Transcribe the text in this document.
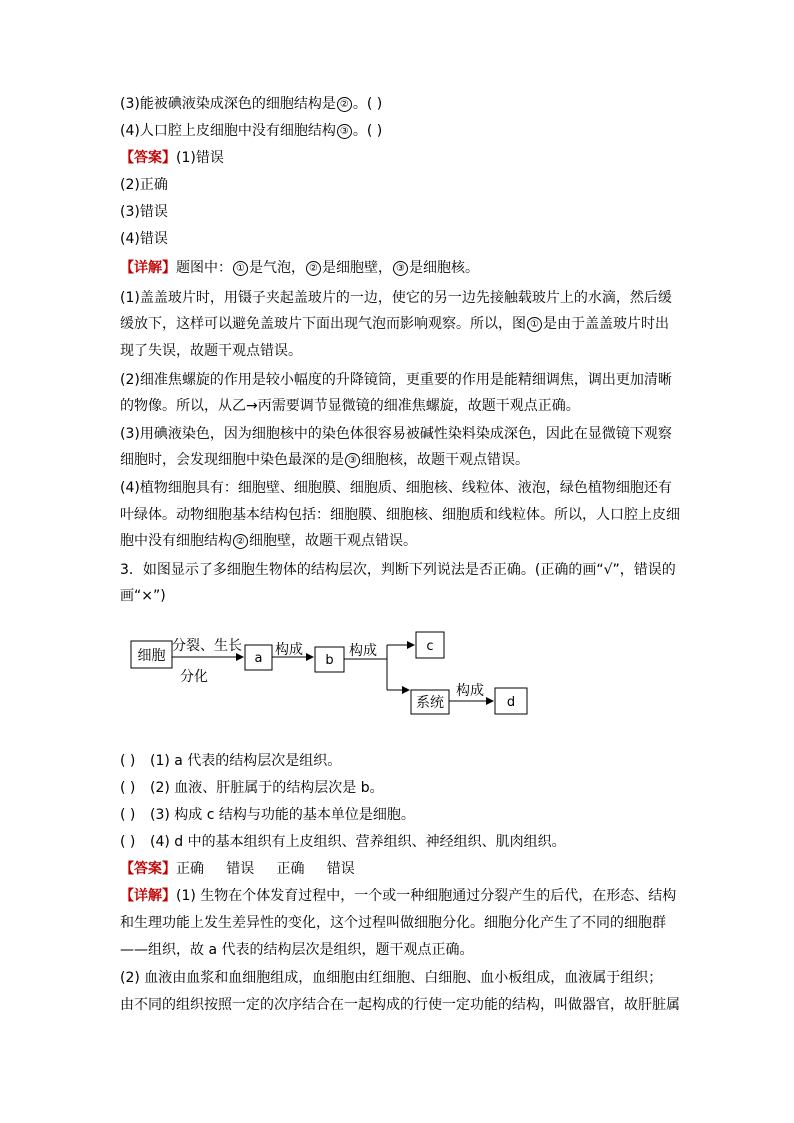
(3)能被碘液染成深色的细胞结构是 ② 。( )
(4)人口腔上皮细胞中没有细胞结构 ③ 。( )
【答案】(1)错误
(2)正确
(3)错误
(4)错误
【详解】题图中： ① 是气泡， ② 是细胞壁， ③ 是细胞核。
(1)盖盖玻片时，用镊子夹起盖玻片的一边，使它的另一边先接触载玻片上的水滴，然后缓
缓放下，这样可以避免盖玻片下面出现气泡而影响观察。所以，图 ① 是由于盖盖玻片时出
现了失误，故题干观点错误。
(2)细准焦螺旋的作用是较小幅度的升降镜筒，更重要的作用是能精细调焦，调出更加清晰
的物像。所以，从乙→丙需要调节显微镜的细准焦螺旋，故题干观点正确。
(3)用碘液染色，因为细胞核中的染色体很容易被碱性染料染成深色，因此在显微镜下观察
细胞时，会发现细胞中染色最深的是 ③ 细胞核，故题干观点错误。
(4)植物细胞具有：细胞壁、细胞膜、细胞质、细胞核、线粒体、液泡，绿色植物细胞还有
叶绿体。动物细胞基本结构包括：细胞膜、细胞核、细胞质和线粒体。所以，人口腔上皮细
胞中没有细胞结构 ② 细胞壁，故题干观点错误。
3．如图显示了多细胞生物体的结构层次，判断下列说法是否正确。(正确的画“√”，错误的
画“×”)
细胞
分裂、生长
分化
a
构成
b
构成	c
系统
构成
d
( ) (1) a 代表的结构层次是组织。
( ) (2) 血液、肝脏属于的结构层次是 b。
( ) (3) 构成 c 结构与功能的基本单位是细胞。
( ) (4) d 中的基本组织有上皮组织、营养组织、神经组织、肌肉组织。
【答案】正确     错误     正确     错误
【详解】(1) 生物在个体发育过程中，一个或一种细胞通过分裂产生的后代，在形态、结构
和生理功能上发生差异性的变化，这个过程叫做细胞分化。细胞分化产生了不同的细胞群
——组织，故 a 代表的结构层次是组织，题干观点正确。
(2) 血液由血浆和血细胞组成，血细胞由红细胞、白细胞、血小板组成，血液属于组织；
由不同的组织按照一定的次序结合在一起构成的行使一定功能的结构，叫做器官，故肝脏属
